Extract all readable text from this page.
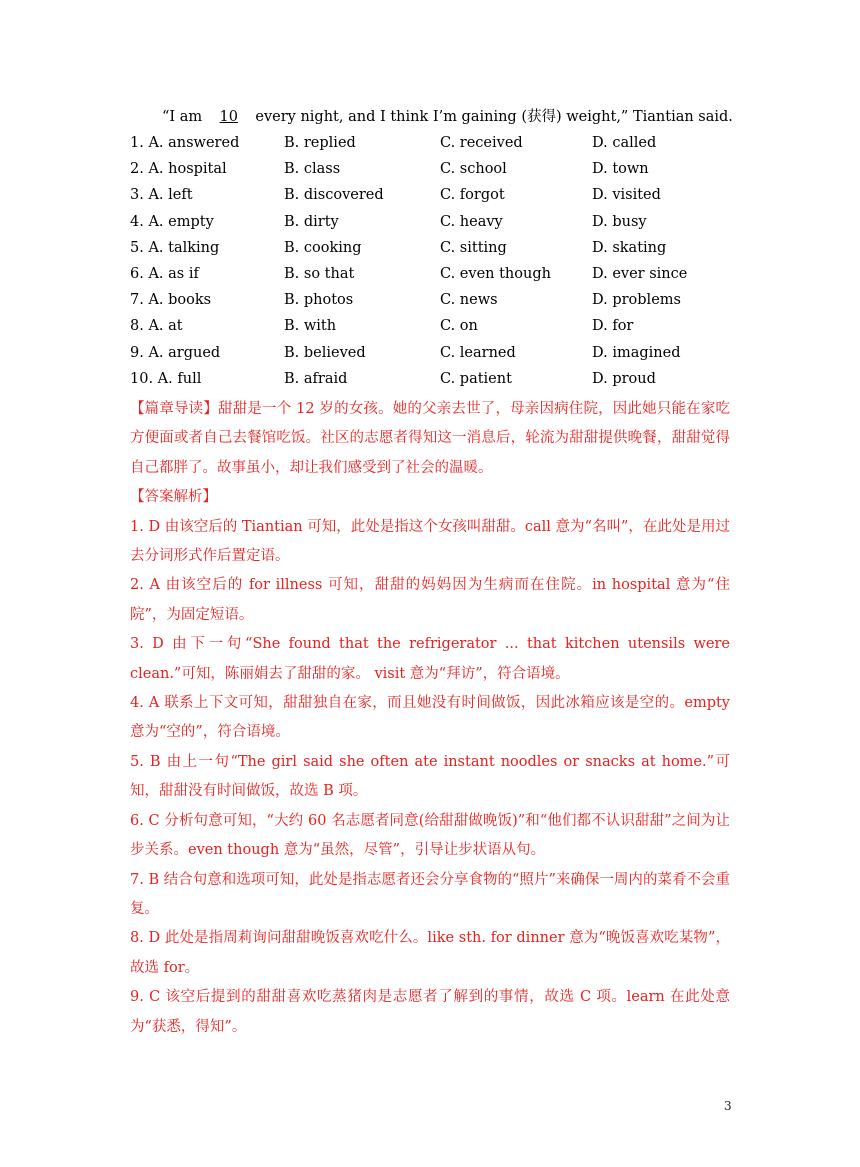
“I am 10 every night, and I think I’m gaining (获得) weight,” Tiantian said.
1. A. answered	B. replied	C. received	D. called
2. A. hospital	B. class	C. school	D. town
3. A. left	B. discovered	C. forgot	D. visited
4. A. empty	B. dirty	C. heavy	D. busy
5. A. talking	B. cooking	C. sitting	D. skating
6. A. as if	B. so that	C. even though	D. ever since
7. A. books	B. photos	C. news	D. problems
8. A. at	B. with	C. on	D. for
9. A. argued	B. believed	C. learned	D. imagined
10. A. full	B. afraid	C. patient	D. proud

【篇章导读】甜甜是一个 12 岁的女孩。她的父亲去世了，母亲因病住院，因此她只能在家吃方便面或者自己去餐馆吃饭。社区的志愿者得知这一消息后，轮流为甜甜提供晚餐，甜甜觉得自己都胖了。故事虽小，却让我们感受到了社会的温暖。

【答案解析】

1. D 由该空后的 Tiantian 可知，此处是指这个女孩叫甜甜。call 意为“名叫”，在此处是用过去分词形式作后置定语。

2. A 由该空后的 for illness 可知，甜甜的妈妈因为生病而在住院。in hospital 意为“住院”，为固定短语。

3. D 由下一句“She found that the refrigerator ... that kitchen utensils were clean.”可知，陈丽娟去了甜甜的家。 visit 意为“拜访”，符合语境。

4. A 联系上下文可知，甜甜独自在家，而且她没有时间做饭，因此冰箱应该是空的。empty 意为“空的”，符合语境。

5. B 由上一句“The girl said she often ate instant noodles or snacks at home.”可知，甜甜没有时间做饭，故选 B 项。

6. C 分析句意可知，“大约 60 名志愿者同意(给甜甜做晚饭)”和“他们都不认识甜甜”之间为让步关系。even though 意为“虽然，尽管”，引导让步状语从句。

7. B 结合句意和选项可知，此处是指志愿者还会分享食物的“照片”来确保一周内的菜肴不会重复。

8. D 此处是指周莉询问甜甜晚饭喜欢吃什么。like sth. for dinner 意为“晚饭喜欢吃某物”，故选 for。

9. C 该空后提到的甜甜喜欢吃蒸猪肉是志愿者了解到的事情，故选 C 项。learn 在此处意为“获悉，得知”。

3
